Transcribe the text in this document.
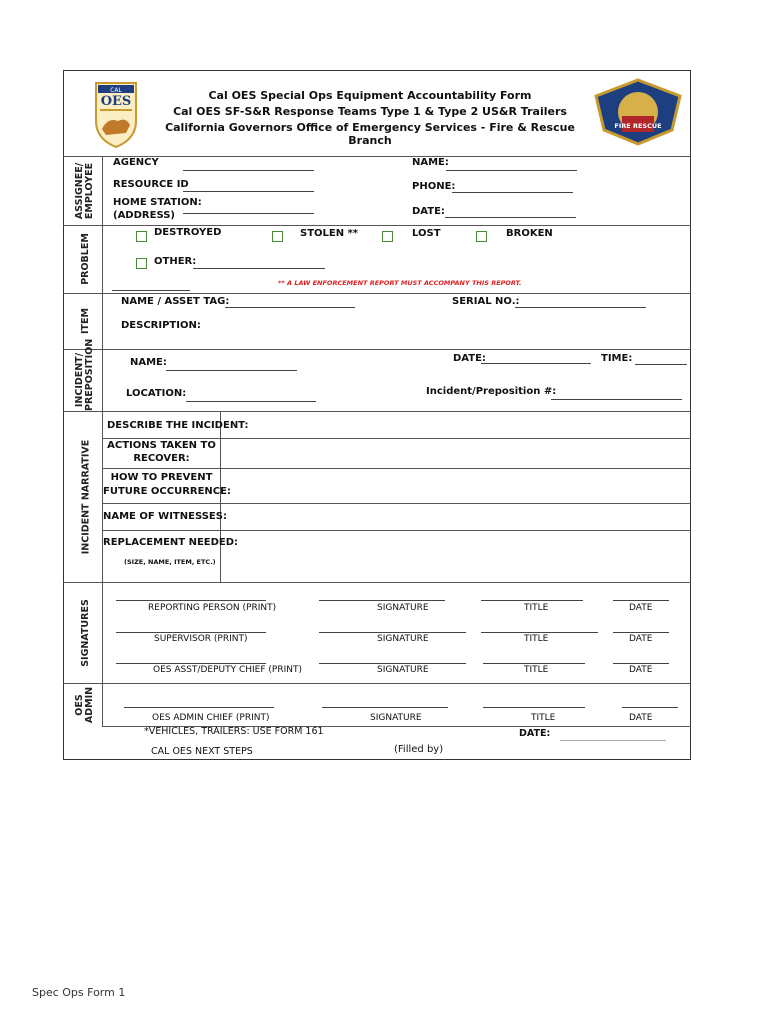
CAL
OES	Cal OES Special Ops Equipment Accountability Form
Cal OES SF-S&R Response Teams Type 1 & Type 2 US&R Trailers
California Governors Office of Emergency Services - Fire & Rescue Branch
FIRE RESCUE
ASSIGNEE/ EMPLOYEE
PROBLEM
ITEM
INCIDENT/ PREPOSITION
INCIDENT NARRATIVE
SIGNATURES
OES ADMIN
AGENCY
RESOURCE ID
HOME STATION:
(ADDRESS)
NAME:
PHONE:
DATE:
DESTROYED	STOLEN **	LOST	BROKEN
OTHER:
** A LAW ENFORCEMENT REPORT MUST ACCOMPANY THIS REPORT.
NAME / ASSET TAG:	SERIAL NO.:
DESCRIPTION:
NAME:	DATE:	TIME:
LOCATION:	Incident/Preposition #:
DESCRIBE THE INCIDENT:
ACTIONS TAKEN TO
RECOVER:
HOW TO PREVENT
FUTURE OCCURRENCE:
NAME OF WITNESSES:
REPLACEMENT NEEDED:
(SIZE, NAME, ITEM, ETC.)
REPORTING PERSON (PRINT)	SIGNATURE	TITLE	DATE
SUPERVISOR (PRINT)	SIGNATURE	TITLE	DATE
OES ASST/DEPUTY CHIEF (PRINT)	SIGNATURE	TITLE	DATE
OES ADMIN CHIEF (PRINT)	SIGNATURE	TITLE	DATE
*VEHICLES, TRAILERS: USE FORM 161	DATE:
CAL OES NEXT STEPS	(Filled by)
Spec Ops Form 1
